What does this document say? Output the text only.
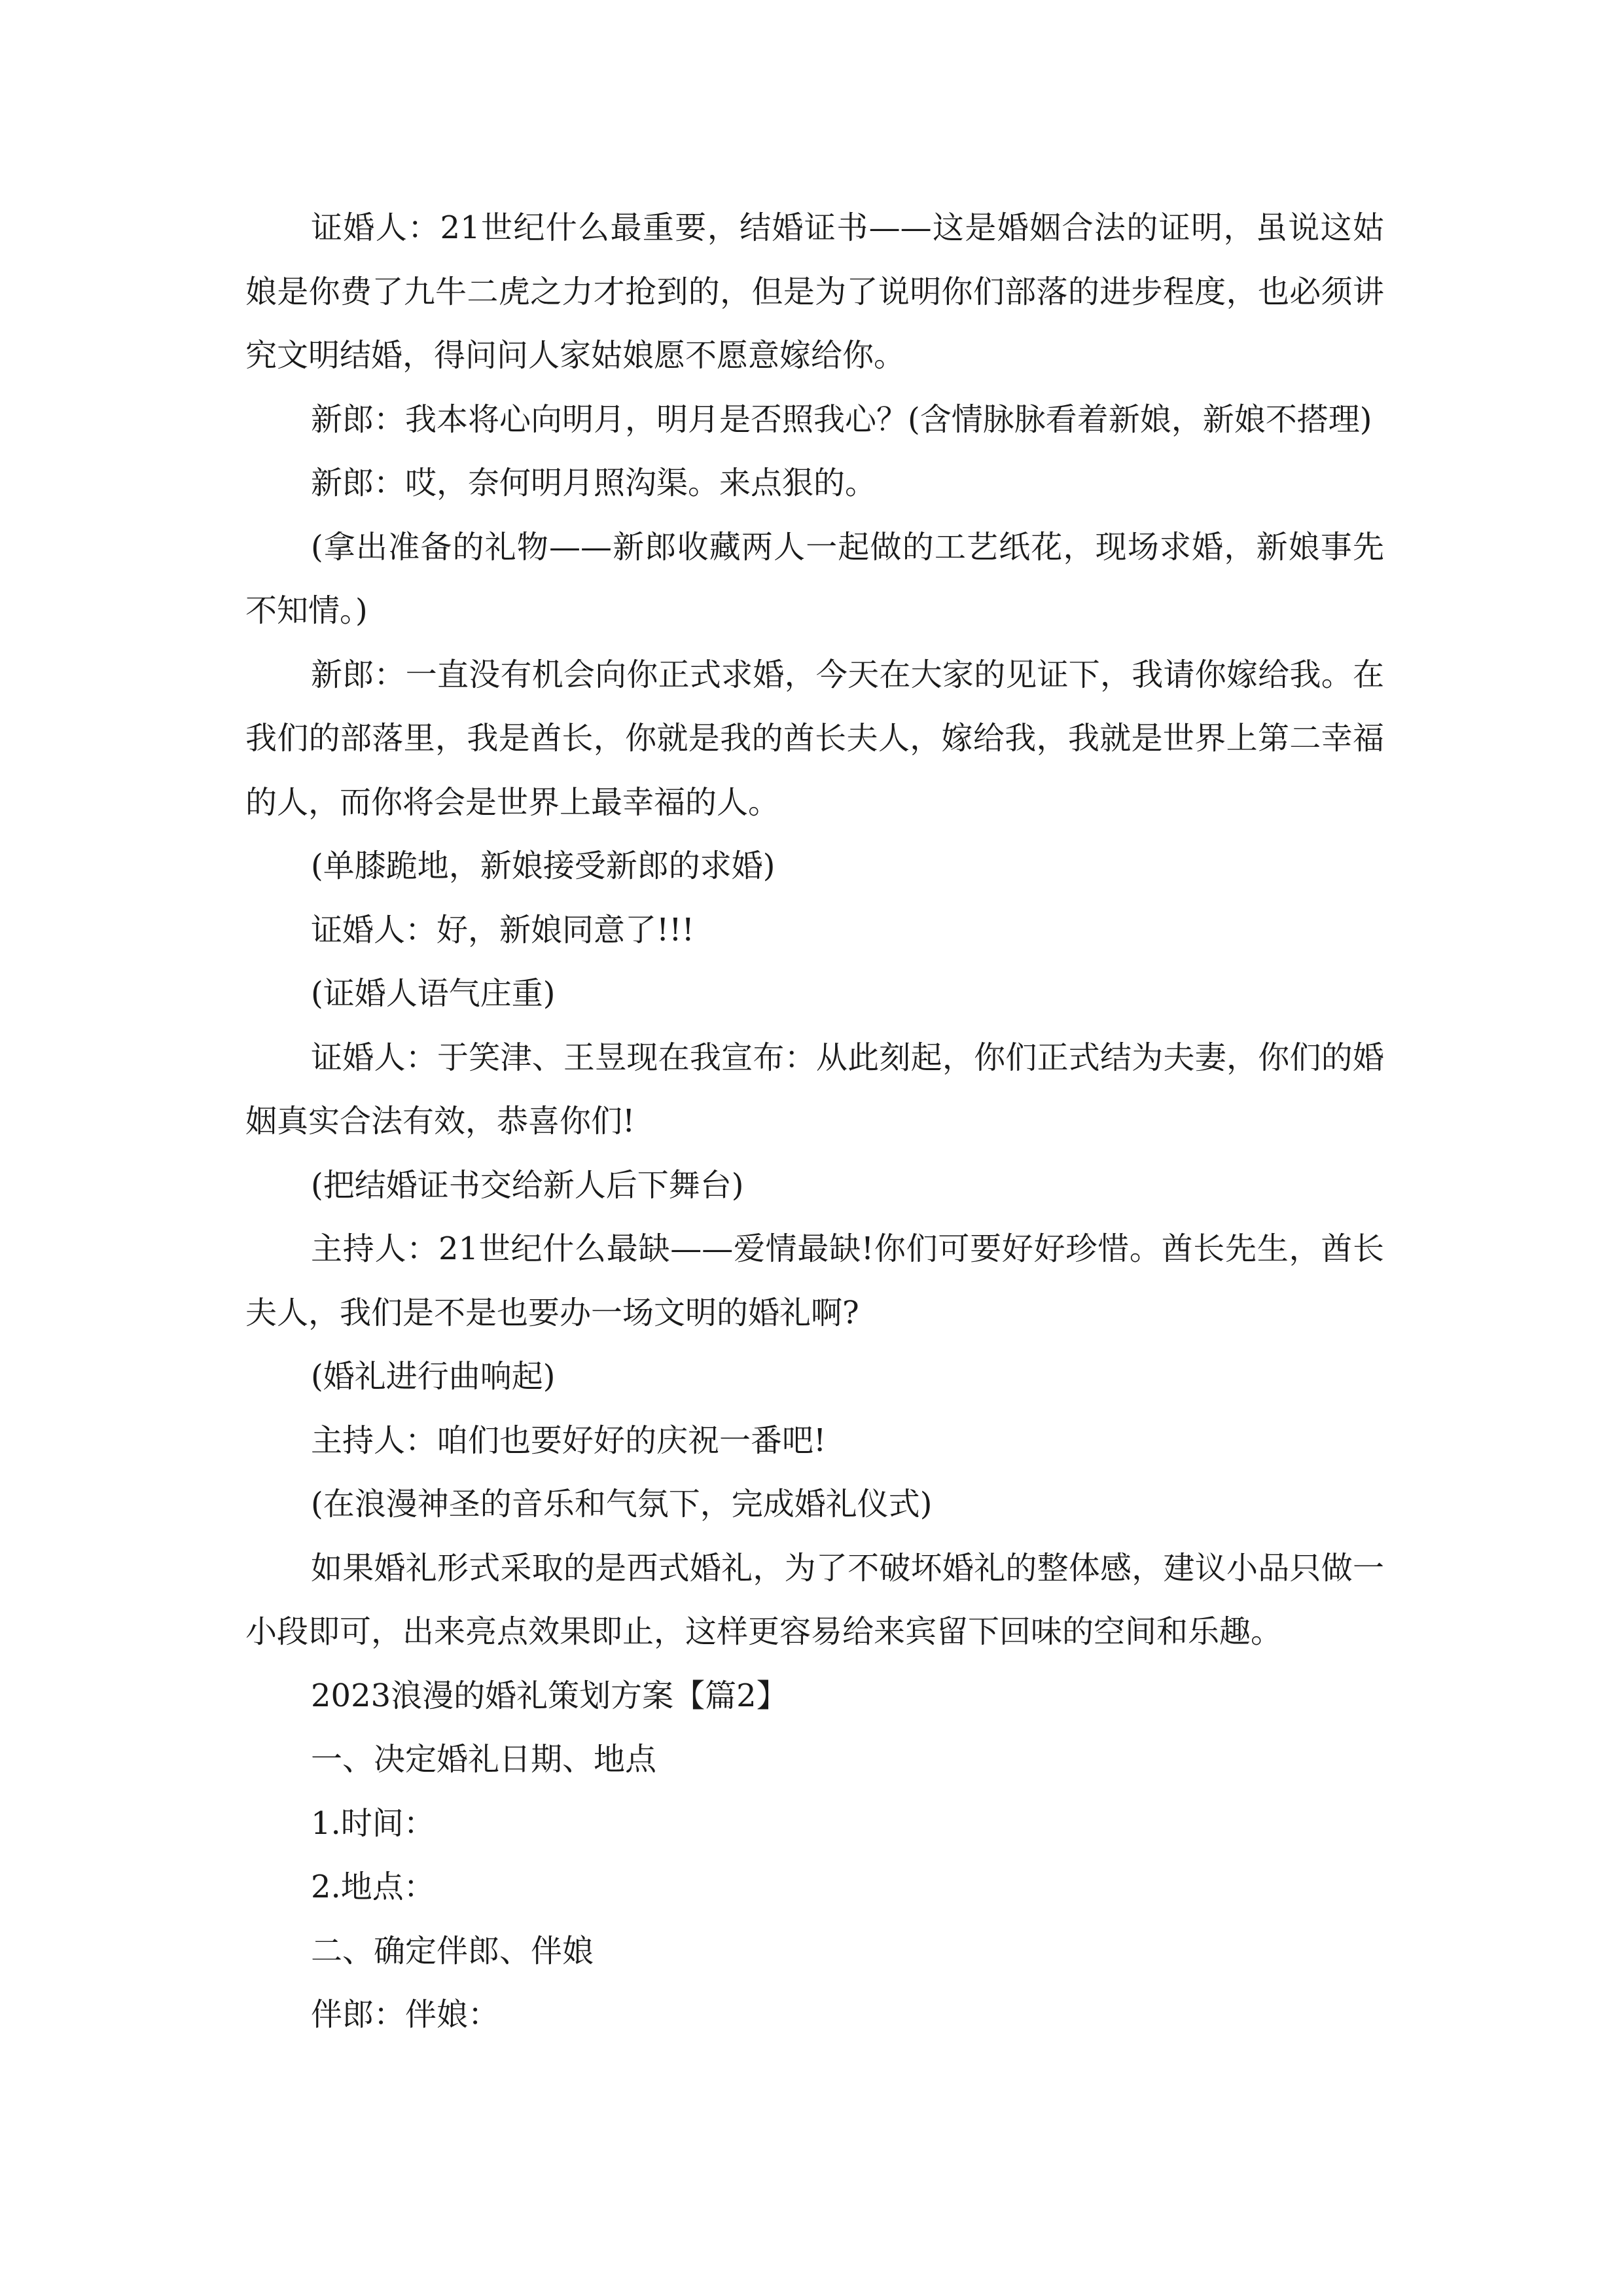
证婚人：21世纪什么最重要，结婚证书——这是婚姻合法的证明，虽说这姑娘是你费了九牛二虎之力才抢到的，但是为了说明你们部落的进步程度，也必须讲究文明结婚，得问问人家姑娘愿不愿意嫁给你。

新郎：我本将心向明月，明月是否照我心？(含情脉脉看着新娘，新娘不搭理)

新郎：哎，奈何明月照沟渠。来点狠的。

(拿出准备的礼物——新郎收藏两人一起做的工艺纸花，现场求婚，新娘事先不知情。)

新郎：一直没有机会向你正式求婚，今天在大家的见证下，我请你嫁给我。在我们的部落里，我是酋长，你就是我的酋长夫人，嫁给我，我就是世界上第二幸福的人，而你将会是世界上最幸福的人。

(单膝跪地，新娘接受新郎的求婚)

证婚人：好，新娘同意了!!!

(证婚人语气庄重)

证婚人：于笑津、王昱现在我宣布：从此刻起，你们正式结为夫妻，你们的婚姻真实合法有效，恭喜你们!

(把结婚证书交给新人后下舞台)

主持人：21世纪什么最缺——爱情最缺!你们可要好好珍惜。酋长先生，酋长夫人，我们是不是也要办一场文明的婚礼啊?

(婚礼进行曲响起)

主持人：咱们也要好好的庆祝一番吧!

(在浪漫神圣的音乐和气氛下，完成婚礼仪式)

如果婚礼形式采取的是西式婚礼，为了不破坏婚礼的整体感，建议小品只做一小段即可，出来亮点效果即止，这样更容易给来宾留下回味的空间和乐趣。

2023浪漫的婚礼策划方案【篇2】

一、决定婚礼日期、地点

1.时间：

2.地点：

二、确定伴郎、伴娘

伴郎：伴娘：
